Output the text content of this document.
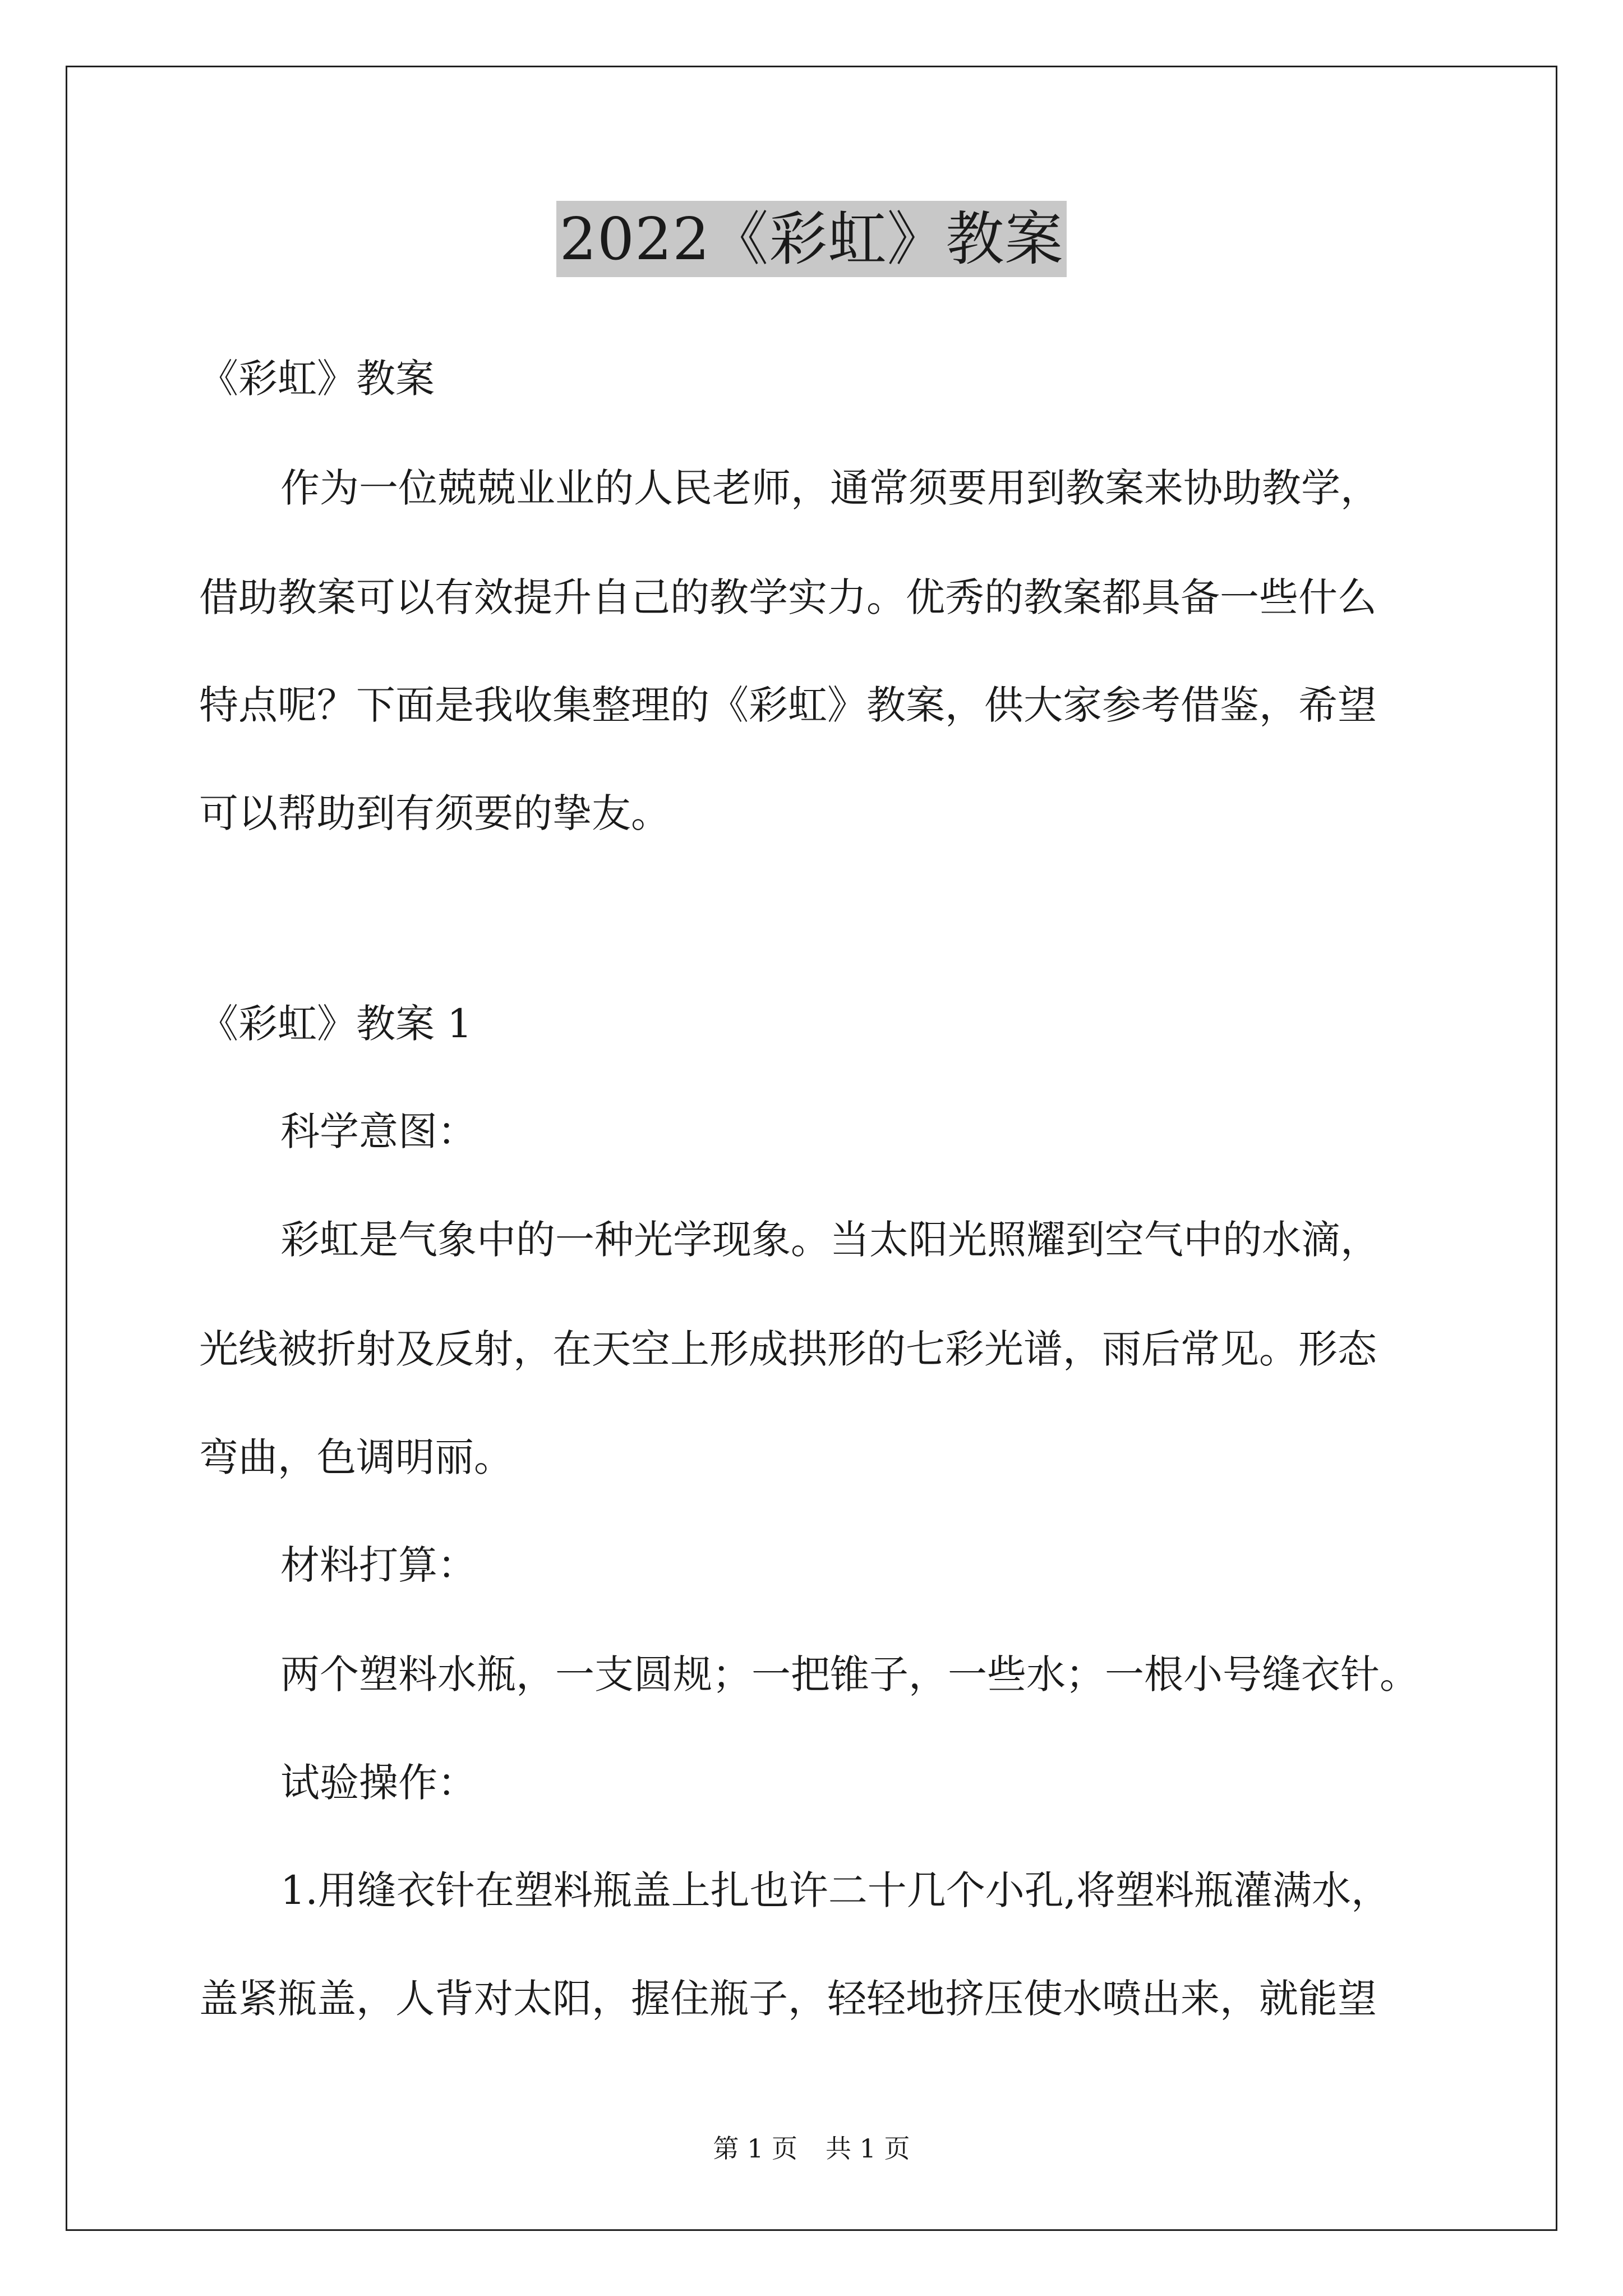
2022《彩虹》教案
《彩虹》教案
作为一位兢兢业业的人民老师，通常须要用到教案来协助教学，
借助教案可以有效提升自己的教学实力。优秀的教案都具备一些什么
特点呢？下面是我收集整理的《彩虹》教案，供大家参考借鉴，希望
可以帮助到有须要的挚友。
《彩虹》教案 1
科学意图：
彩虹是气象中的一种光学现象。当太阳光照耀到空气中的水滴，
光线被折射及反射，在天空上形成拱形的七彩光谱，雨后常见。形态
弯曲，色调明丽。
材料打算：
两个塑料水瓶，一支圆规；一把锥子，一些水；一根小号缝衣针。
试验操作：
1.用缝衣针在塑料瓶盖上扎也许二十几个小孔,将塑料瓶灌满水，
盖紧瓶盖，人背对太阳，握住瓶子，轻轻地挤压使水喷出来，就能望
第 1 页 共 1 页
